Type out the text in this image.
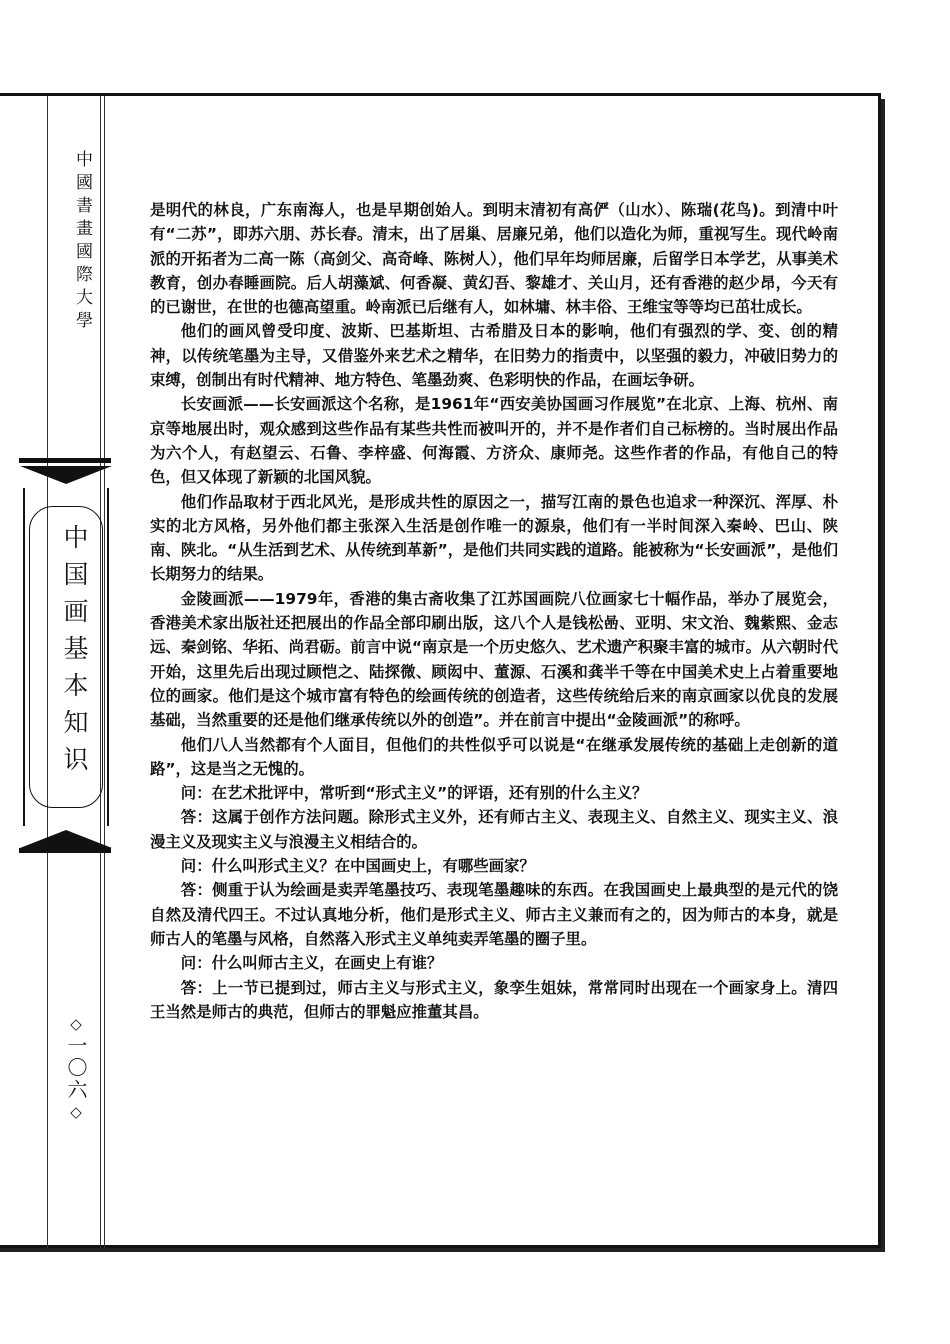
中國書畫國際大學
中国画基本知识
◇
一〇六
◇

是明代的林良，广东南海人，也是早期创始人。到明末清初有高俨（山水）、陈瑞(花鸟)。到清中叶有“二苏”，即苏六朋、苏长春。清末，出了居巢、居廉兄弟，他们以造化为师，重视写生。现代岭南派的开拓者为二高一陈（高剑父、高奇峰、陈树人），他们早年均师居廉，后留学日本学艺，从事美术教育，创办春睡画院。后人胡藻斌、何香凝、黄幻吾、黎雄才、关山月，还有香港的赵少昂，今天有的已谢世，在世的也德高望重。岭南派已后继有人，如林墉、林丰俗、王维宝等等均已茁壮成长。

他们的画风曾受印度、波斯、巴基斯坦、古希腊及日本的影响，他们有强烈的学、变、创的精神，以传统笔墨为主导，又借鉴外来艺术之精华，在旧势力的指责中，以坚强的毅力，冲破旧势力的束缚，创制出有时代精神、地方特色、笔墨劲爽、色彩明快的作品，在画坛争研。

长安画派——长安画派这个名称，是1961年“西安美协国画习作展览”在北京、上海、杭州、南京等地展出时，观众感到这些作品有某些共性而被叫开的，并不是作者们自己标榜的。当时展出作品为六个人，有赵望云、石鲁、李梓盛、何海霞、方济众、康师尧。这些作者的作品，有他自己的特色，但又体现了新颖的北国风貌。

他们作品取材于西北风光，是形成共性的原因之一，描写江南的景色也追求一种深沉、浑厚、朴实的北方风格，另外他们都主张深入生活是创作唯一的源泉，他们有一半时间深入秦岭、巴山、陕南、陕北。“从生活到艺术、从传统到革新”，是他们共同实践的道路。能被称为“长安画派”，是他们长期努力的结果。

金陵画派——1979年，香港的集古斋收集了江苏国画院八位画家七十幅作品，举办了展览会，香港美术家出版社还把展出的作品全部印刷出版，这八个人是钱松喦、亚明、宋文治、魏紫熙、金志远、秦剑铭、华拓、尚君砺。前言中说“南京是一个历史悠久、艺术遗产积聚丰富的城市。从六朝时代开始，这里先后出现过顾恺之、陆探微、顾闳中、董源、石溪和龚半千等在中国美术史上占着重要地位的画家。他们是这个城市富有特色的绘画传统的创造者，这些传统给后来的南京画家以优良的发展基础，当然重要的还是他们继承传统以外的创造”。并在前言中提出“金陵画派”的称呼。

他们八人当然都有个人面目，但他们的共性似乎可以说是“在继承发展传统的基础上走创新的道路”，这是当之无愧的。

问：在艺术批评中，常听到“形式主义”的评语，还有别的什么主义？

答：这属于创作方法问题。除形式主义外，还有师古主义、表现主义、自然主义、现实主义、浪漫主义及现实主义与浪漫主义相结合的。

问：什么叫形式主义？在中国画史上，有哪些画家？

答：侧重于认为绘画是卖弄笔墨技巧、表现笔墨趣味的东西。在我国画史上最典型的是元代的饶自然及清代四王。不过认真地分析，他们是形式主义、师古主义兼而有之的，因为师古的本身，就是师古人的笔墨与风格，自然落入形式主义单纯卖弄笔墨的圈子里。

问：什么叫师古主义，在画史上有谁？

答：上一节已提到过，师古主义与形式主义，象孪生姐妹，常常同时出现在一个画家身上。清四王当然是师古的典范，但师古的罪魁应推董其昌。
